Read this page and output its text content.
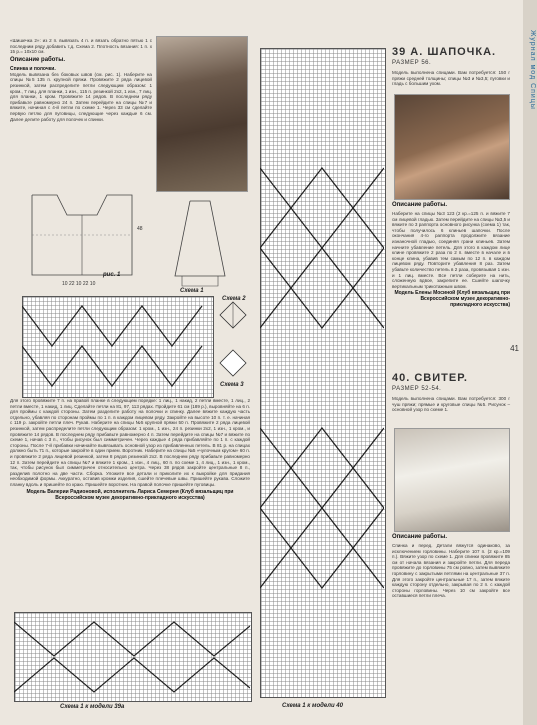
«Шишечка 2»: из 2 п. вывязать 4 п. и вязать обратно пятью 1 с последним ряду добавить т.д. Схема 2. Плотность вязания: 1 п. х 15 р.= 10х10 см.

Описание работы.
Спинка и полочки.

Модель вывязана без боковых швов (см. рис. 1). Наберите на спицы №5 135 п. крупной пряжи. Провяжите 2 ряда лицевой резинкой, затем распределите петли следующим образом: 1 кром., 7 лиц. для планки, 1 изн., 115 п. резинкой 2х2, 1 изн., 7 лиц. для планки, 1 кром. Провяжите 14 рядов. В последнем ряду прибавьте равномерно 24 п. Затем перейдите на спицы №7 и вяжите, начиная с 4-й петли по схеме 1. Через 33 см сделайте первую петлю для пуговицы, следующие через каждые 6 см. Далее делите работу для полочек и спинки.

48
10 22 10 22 10
рис. 1
Схема 1
Схема 2
Схема 3

Для этого провяжите 7 п. на правой планке в следующем порядке: 1 лиц., 1 накид, 2 петли вместе, 1 лиц., 2 петли вместе, 1 накид, 1 лиц. Сделайте петли на 81, 97, 113 рядах. Пройдите 61 см (189 р.), выровняйте на 6 п. для проймы с каждой стороны. Затем разделите работу на полочки и спинку. Далее вяжите каждую часть отдельно, убавляя по сторонам проймы по 1 п. в каждом лицевом ряду. Закройте на высоте 10 п. т. е. начиная с 119 р. закройте петли плеч. Рукав. Наберите на спицы №5 крупной пряжи 50 п. Провяжите 2 ряда лицевой резинкой, затем распределите петли следующим образом: 1 кром., 1 изн., 24 п. резинки 2х2, 1 изн., 1 кром., и провяжите 14 рядов. В последнем ряду прибавьте равномерно 4 п. Затем перейдите на спицы №7 и вяжите по схеме 1, начав с 3 п., чтобы рисунок был симметричен. Через каждые 4 ряда прибавляйте по 1 п. с каждой стороны. После 7-й прибавки начинайте вывязывать основной узор из прибавленных петель. В 81 р. на спицах должно быть 71 п., которые закройте в один прием. Воротник. Наберите на спицы №5 «чулочным кругом» 60 п. и провяжите 2 ряда лицевой резинкой, затем 8 рядов резинкой 2х2. В последнем ряду прибавьте равномерно 12 п. Затем перейдите на спицы №7 и вяжите 1 кром., 1 изн., 4 лиц., 60 п. по схеме 1, 4 лиц., 1 изн., 1 кром., так, чтобы рисунок был симметричен относительно центра. Через 38 рядов закройте центральные 8 п., разделив полотно на две части. Сборка. Уложите все детали и приколите их к выкройке для придания необходимой формы. Аккуратно, оставив кромки изделия, сшейте плечевые швы. Пришейте рукава. Сложите планку вдоль и пришейте по краю. Пришейте воротник. На правой полочке пришейте пуговицы.

Модель Валерии Радионовой, исполнитель Лариса Семерня (Клуб вязальщиц при Всероссийском музее декоративно-прикладного искусства)

Схема 1 к модели 39а	Схема 1 к модели 40
39 А. ШАПОЧКА.
РАЗМЕР 56.

Модель выполнена спицами. Вам потребуется: 150 г пряжи средней толщины; спицы №3 и №3,5; пуговки и гладь с большим ухом.

Описание работы.

Наберите на спицы №3 123 (2 кр.=125 п. и вяжите 7 см лицевой гладью. Затем перейдите на спицы №3,5 и вяжите по 3 раппорта основного рисунка (схема 1) так, чтобы получилось 6 клиньев шапочки. После окончания 4-го раппорта продолжите вязание изнаночной гладью, соединяя грани клиньев. Затем начните убавление петель. Для этого в каждом лице клине провяжите 2 раза по 2 п. вместе в начале и в конце клина, убавив тем самым по 12 п. в каждом лицевом ряду. Повторите убавления 8 раз. Затем убавьте количество петель в 2 раза, провязывая 1 изн. и 1 лиц. вместе. Все петли соберите на нить, сложенную вдвое, закрепите ее. Сшейте шапочку вертикальным трикотажным швом.

Модель Елены Мосиной (Клуб вязальщиц при Всероссийском музее декоративно-прикладного искусства)

40. СВИТЕР.
РАЗМЕР 52-54.

Модель выполнена спицами. Вам потребуется: 300 г чуш пряжи; прямые и круговые спицы №5. Рисунок – основной узор по схеме 1.

Описание работы.

Спинка и перед. Детали вяжутся одинаково, за исключением горловины. Наберите 107 п. (2 кр.=109 п.). Вяжите узор по схеме 1. Для спинки провяжите 85 см от начала вязания и закройте петли. Для переда провяжите до горловины 75 см ровно, затем вывяжите горловину с закрытыми петлями на центральные 37 п. Для этого закройте центральные 17 п., затем вяжите каждую сторону отдельно, закрывая по 2 п. с каждой стороны горловины. Через 10 см закройте все оставшиеся петли плеча.

Журнал мод Спицы
41
